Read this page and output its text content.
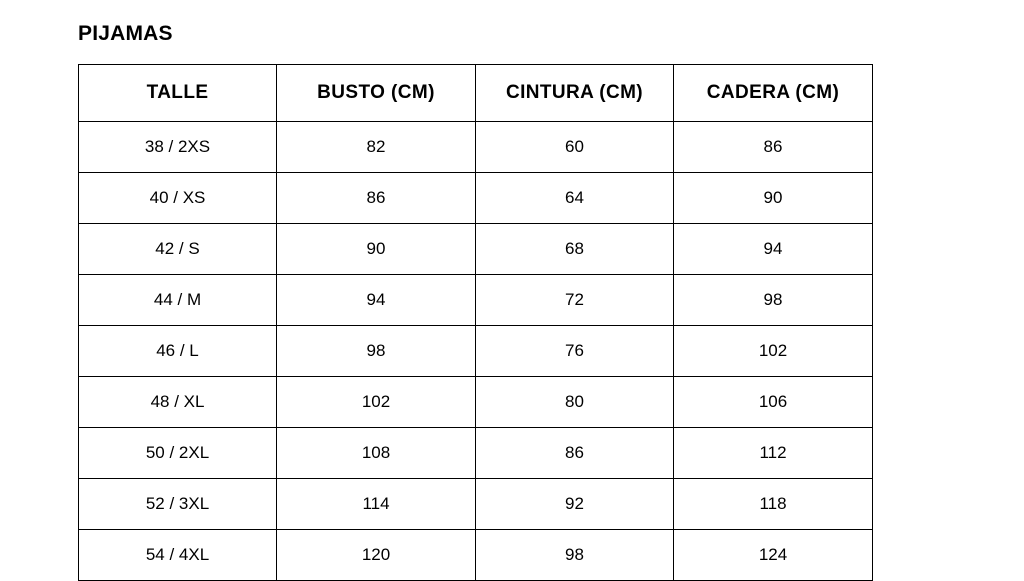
PIJAMAS
TALLE	BUSTO (CM)	CINTURA (CM)	CADERA (CM)
38 / 2XS	82	60	86
40 / XS	86	64	90
42 / S	90	68	94
44 / M	94	72	98
46 / L	98	76	102
48 / XL	102	80	106
50 / 2XL	108	86	112
52 / 3XL	114	92	118
54 / 4XL	120	98	124
